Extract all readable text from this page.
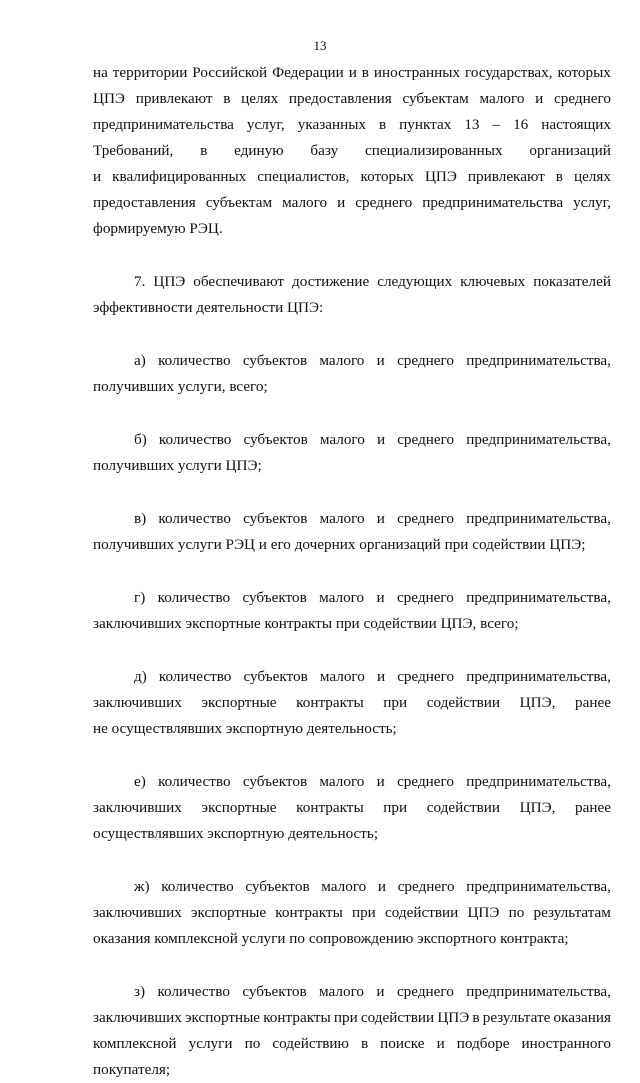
13
на территории Российской Федерации и в иностранных государствах, которых
ЦПЭ привлекают в целях предоставления субъектам малого и среднего
предпринимательства услуг, указанных в пунктах 13 – 16 настоящих
Требований, в единую базу специализированных организаций
и квалифицированных специалистов, которых ЦПЭ привлекают в целях
предоставления субъектам малого и среднего предпринимательства услуг,
формируемую РЭЦ.
7. ЦПЭ обеспечивают достижение следующих ключевых показателей
эффективности деятельности ЦПЭ:
а) количество субъектов малого и среднего предпринимательства,
получивших услуги, всего;
б) количество субъектов малого и среднего предпринимательства,
получивших услуги ЦПЭ;
в) количество субъектов малого и среднего предпринимательства,
получивших услуги РЭЦ и его дочерних организаций при содействии ЦПЭ;
г) количество субъектов малого и среднего предпринимательства,
заключивших экспортные контракты при содействии ЦПЭ, всего;
д) количество субъектов малого и среднего предпринимательства,
заключивших экспортные контракты при содействии ЦПЭ, ранее
не осуществлявших экспортную деятельность;
е) количество субъектов малого и среднего предпринимательства,
заключивших экспортные контракты при содействии ЦПЭ, ранее
осуществлявших экспортную деятельность;
ж) количество субъектов малого и среднего предпринимательства,
заключивших экспортные контракты при содействии ЦПЭ по результатам
оказания комплексной услуги по сопровождению экспортного контракта;
з) количество субъектов малого и среднего предпринимательства,
заключивших экспортные контракты при содействии ЦПЭ в результате оказания
комплексной услуги по содействию в поиске и подборе иностранного
покупателя;
